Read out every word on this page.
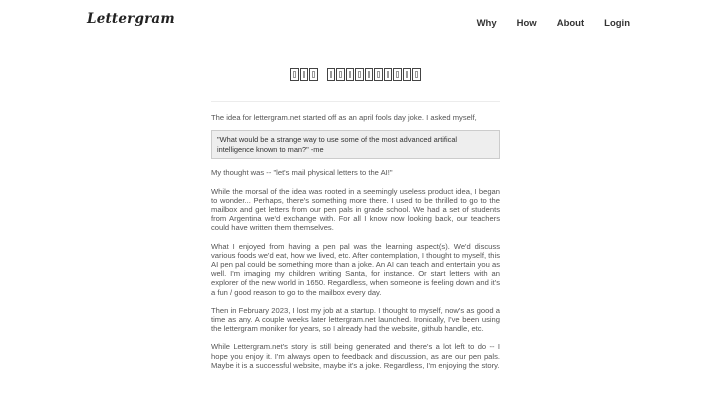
Lettergram	Why How About Login

The idea for lettergram.net started off as an april fools day joke. I asked myself,

"What would be a strange way to use some of the most advanced artifical intelligence known to man?" -me

My thought was -- "let's mail physical letters to the AI!"

While the morsal of the idea was rooted in a seemingly useless product idea, I began to wonder... Perhaps, there's something more there. I used to be thrilled to go to the mailbox and get letters from our pen pals in grade school. We had a set of students from Argentina we'd exchange with. For all I know now looking back, our teachers could have written them themselves.

What I enjoyed from having a pen pal was the learning aspect(s). We'd discuss various foods we'd eat, how we lived, etc. After contemplation, I thought to myself, this AI pen pal could be something more than a joke. An AI can teach and entertain you as well. I'm imaging my children writing Santa, for instance. Or start letters with an explorer of the new world in 1650. Regardless, when someone is feeling down and it's a fun / good reason to go to the mailbox every day.

Then in February 2023, I lost my job at a startup. I thought to myself, now's as good a time as any. A couple weeks later lettergram.net launched. Ironically, I've been using the lettergram moniker for years, so I already had the website, github handle, etc.

While Lettergram.net's story is still being generated and there's a lot left to do -- I hope you enjoy it. I'm always open to feedback and discussion, as are our pen pals. Maybe it is a successful website, maybe it's a joke. Regardless, I'm enjoying the story.
